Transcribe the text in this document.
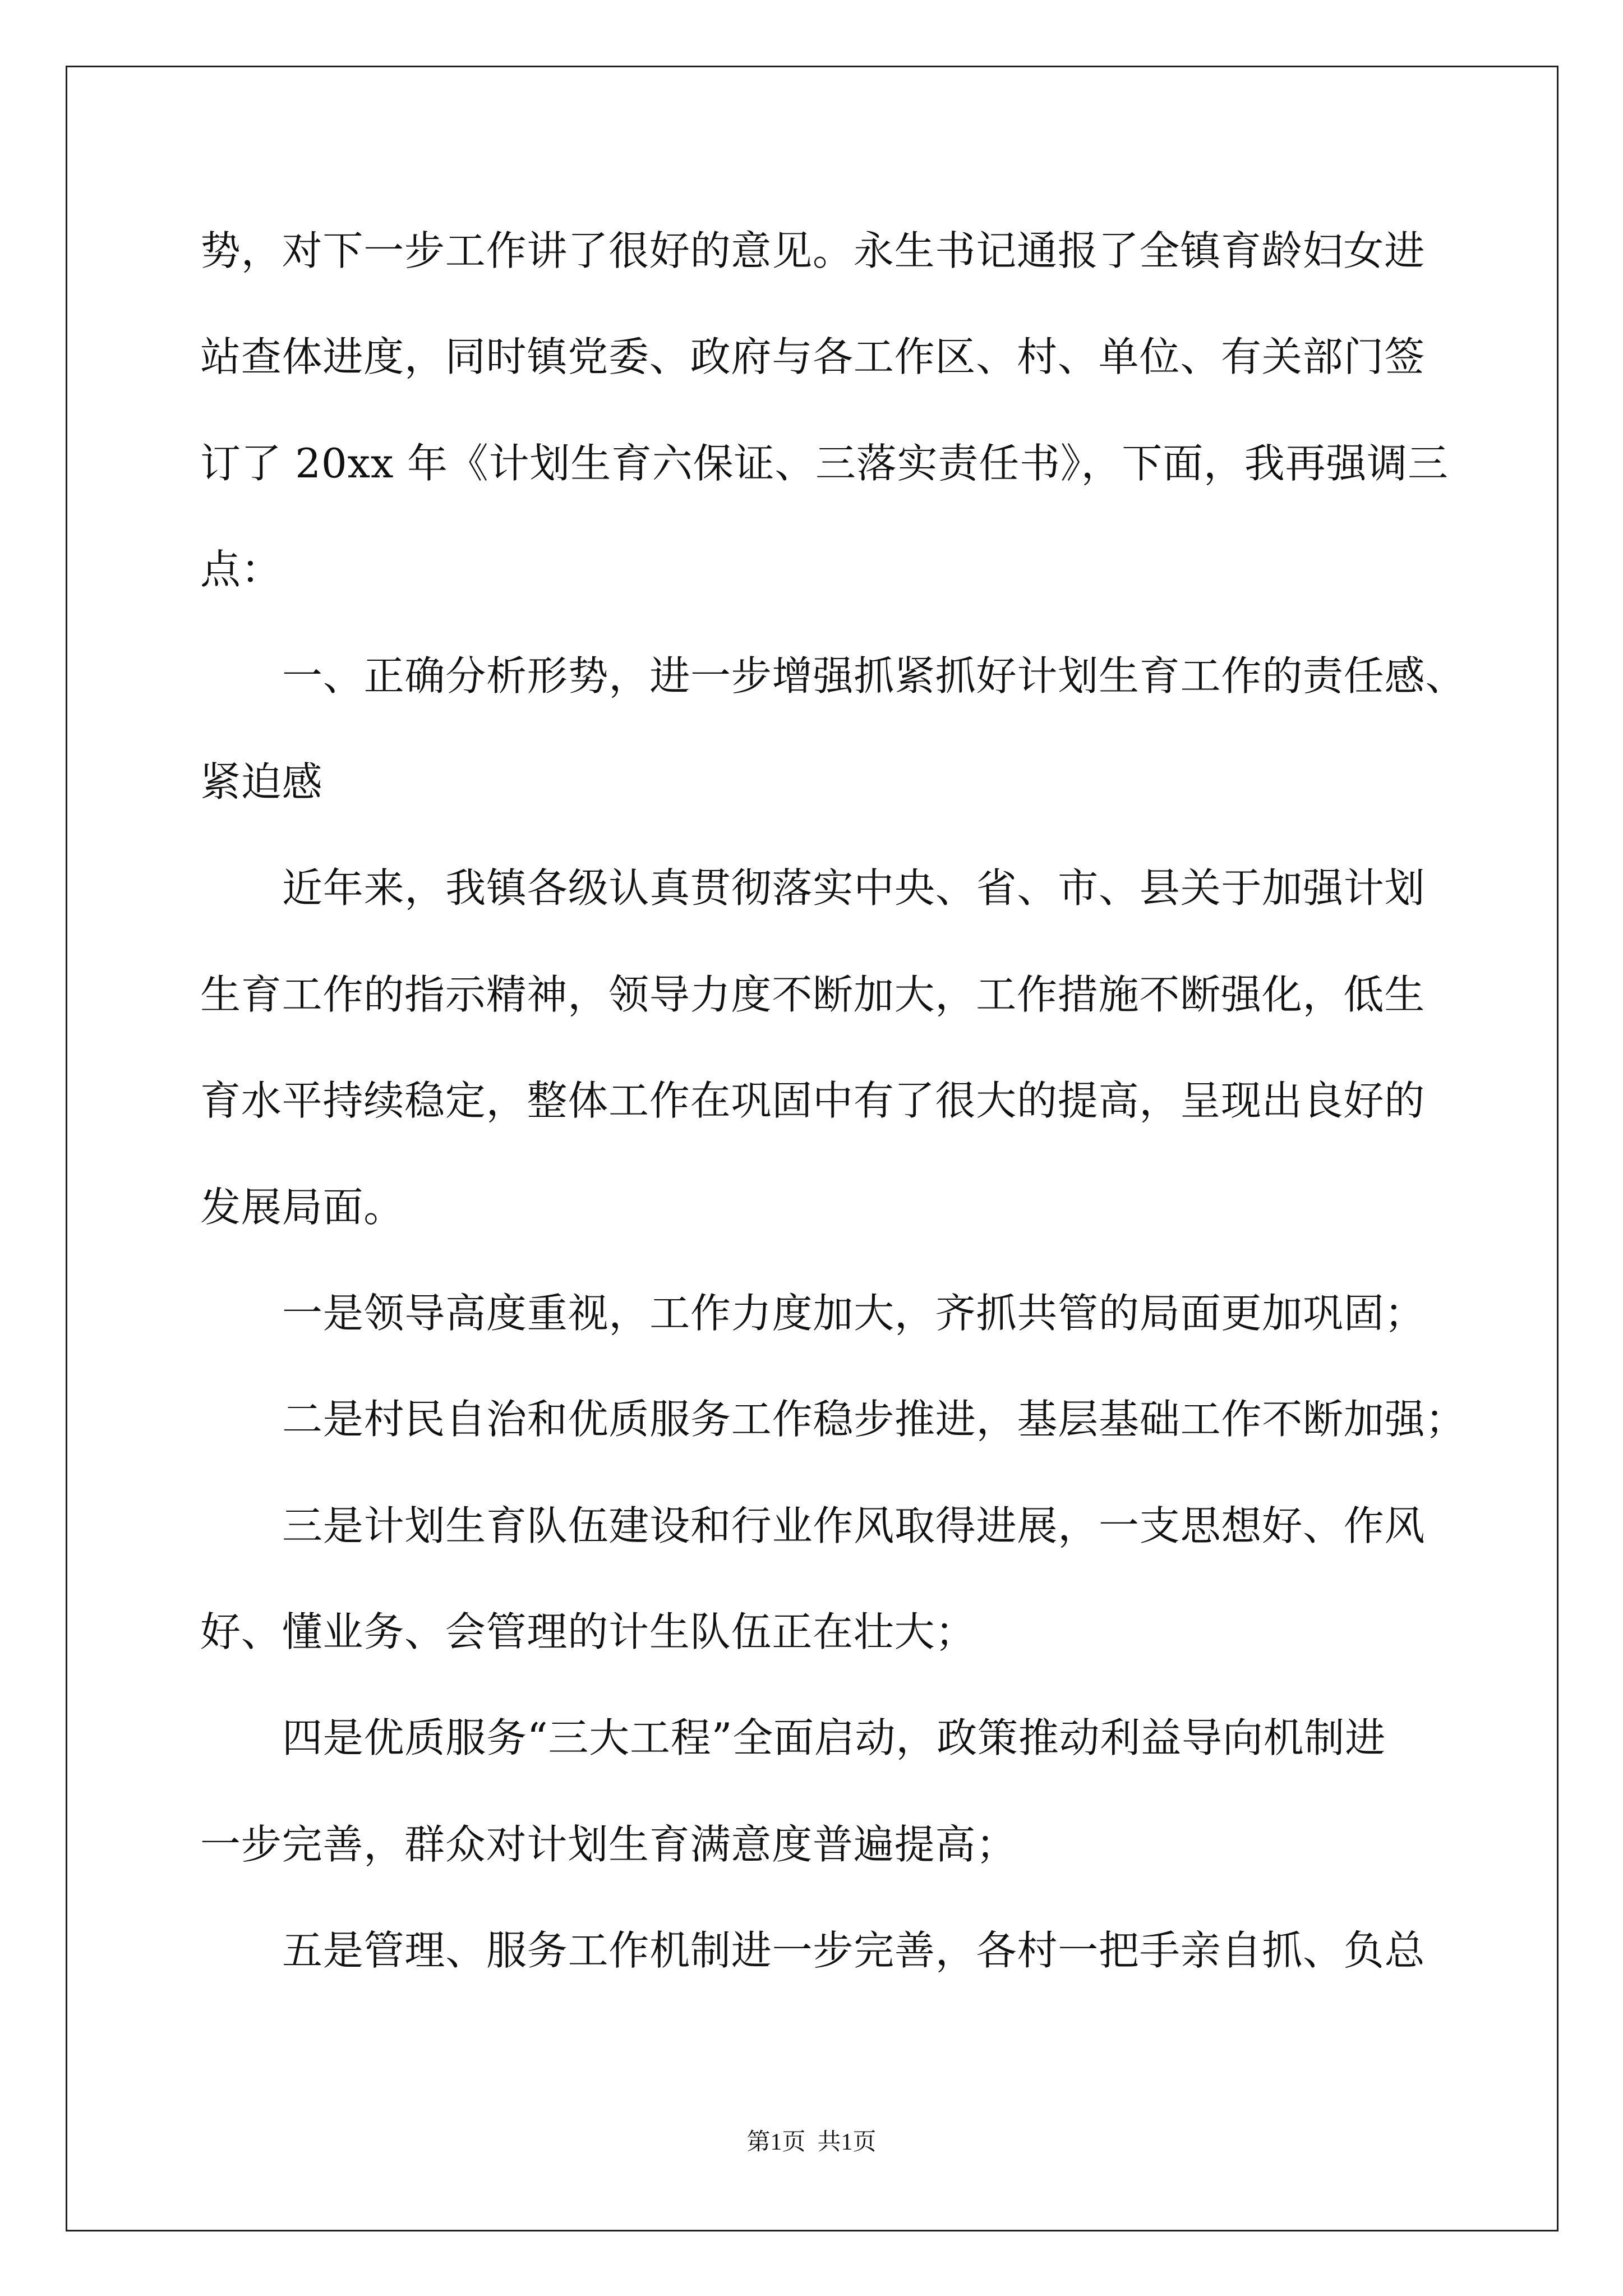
势，对下一步工作讲了很好的意见。永生书记通报了全镇育龄妇女进
站查体进度，同时镇党委、政府与各工作区、村、单位、有关部门签
订了 20xx 年《计划生育六保证、三落实责任书》，下面，我再强调三
点：
一、正确分析形势，进一步增强抓紧抓好计划生育工作的责任感、
紧迫感
近年来，我镇各级认真贯彻落实中央、省、市、县关于加强计划
生育工作的指示精神，领导力度不断加大，工作措施不断强化，低生
育水平持续稳定，整体工作在巩固中有了很大的提高，呈现出良好的
发展局面。
一是领导高度重视，工作力度加大，齐抓共管的局面更加巩固；
二是村民自治和优质服务工作稳步推进，基层基础工作不断加强；
三是计划生育队伍建设和行业作风取得进展，一支思想好、作风
好、懂业务、会管理的计生队伍正在壮大；
四是优质服务“三大工程”全面启动，政策推动利益导向机制进
一步完善，群众对计划生育满意度普遍提高；
五是管理、服务工作机制进一步完善，各村一把手亲自抓、负总
第1页  共1页
